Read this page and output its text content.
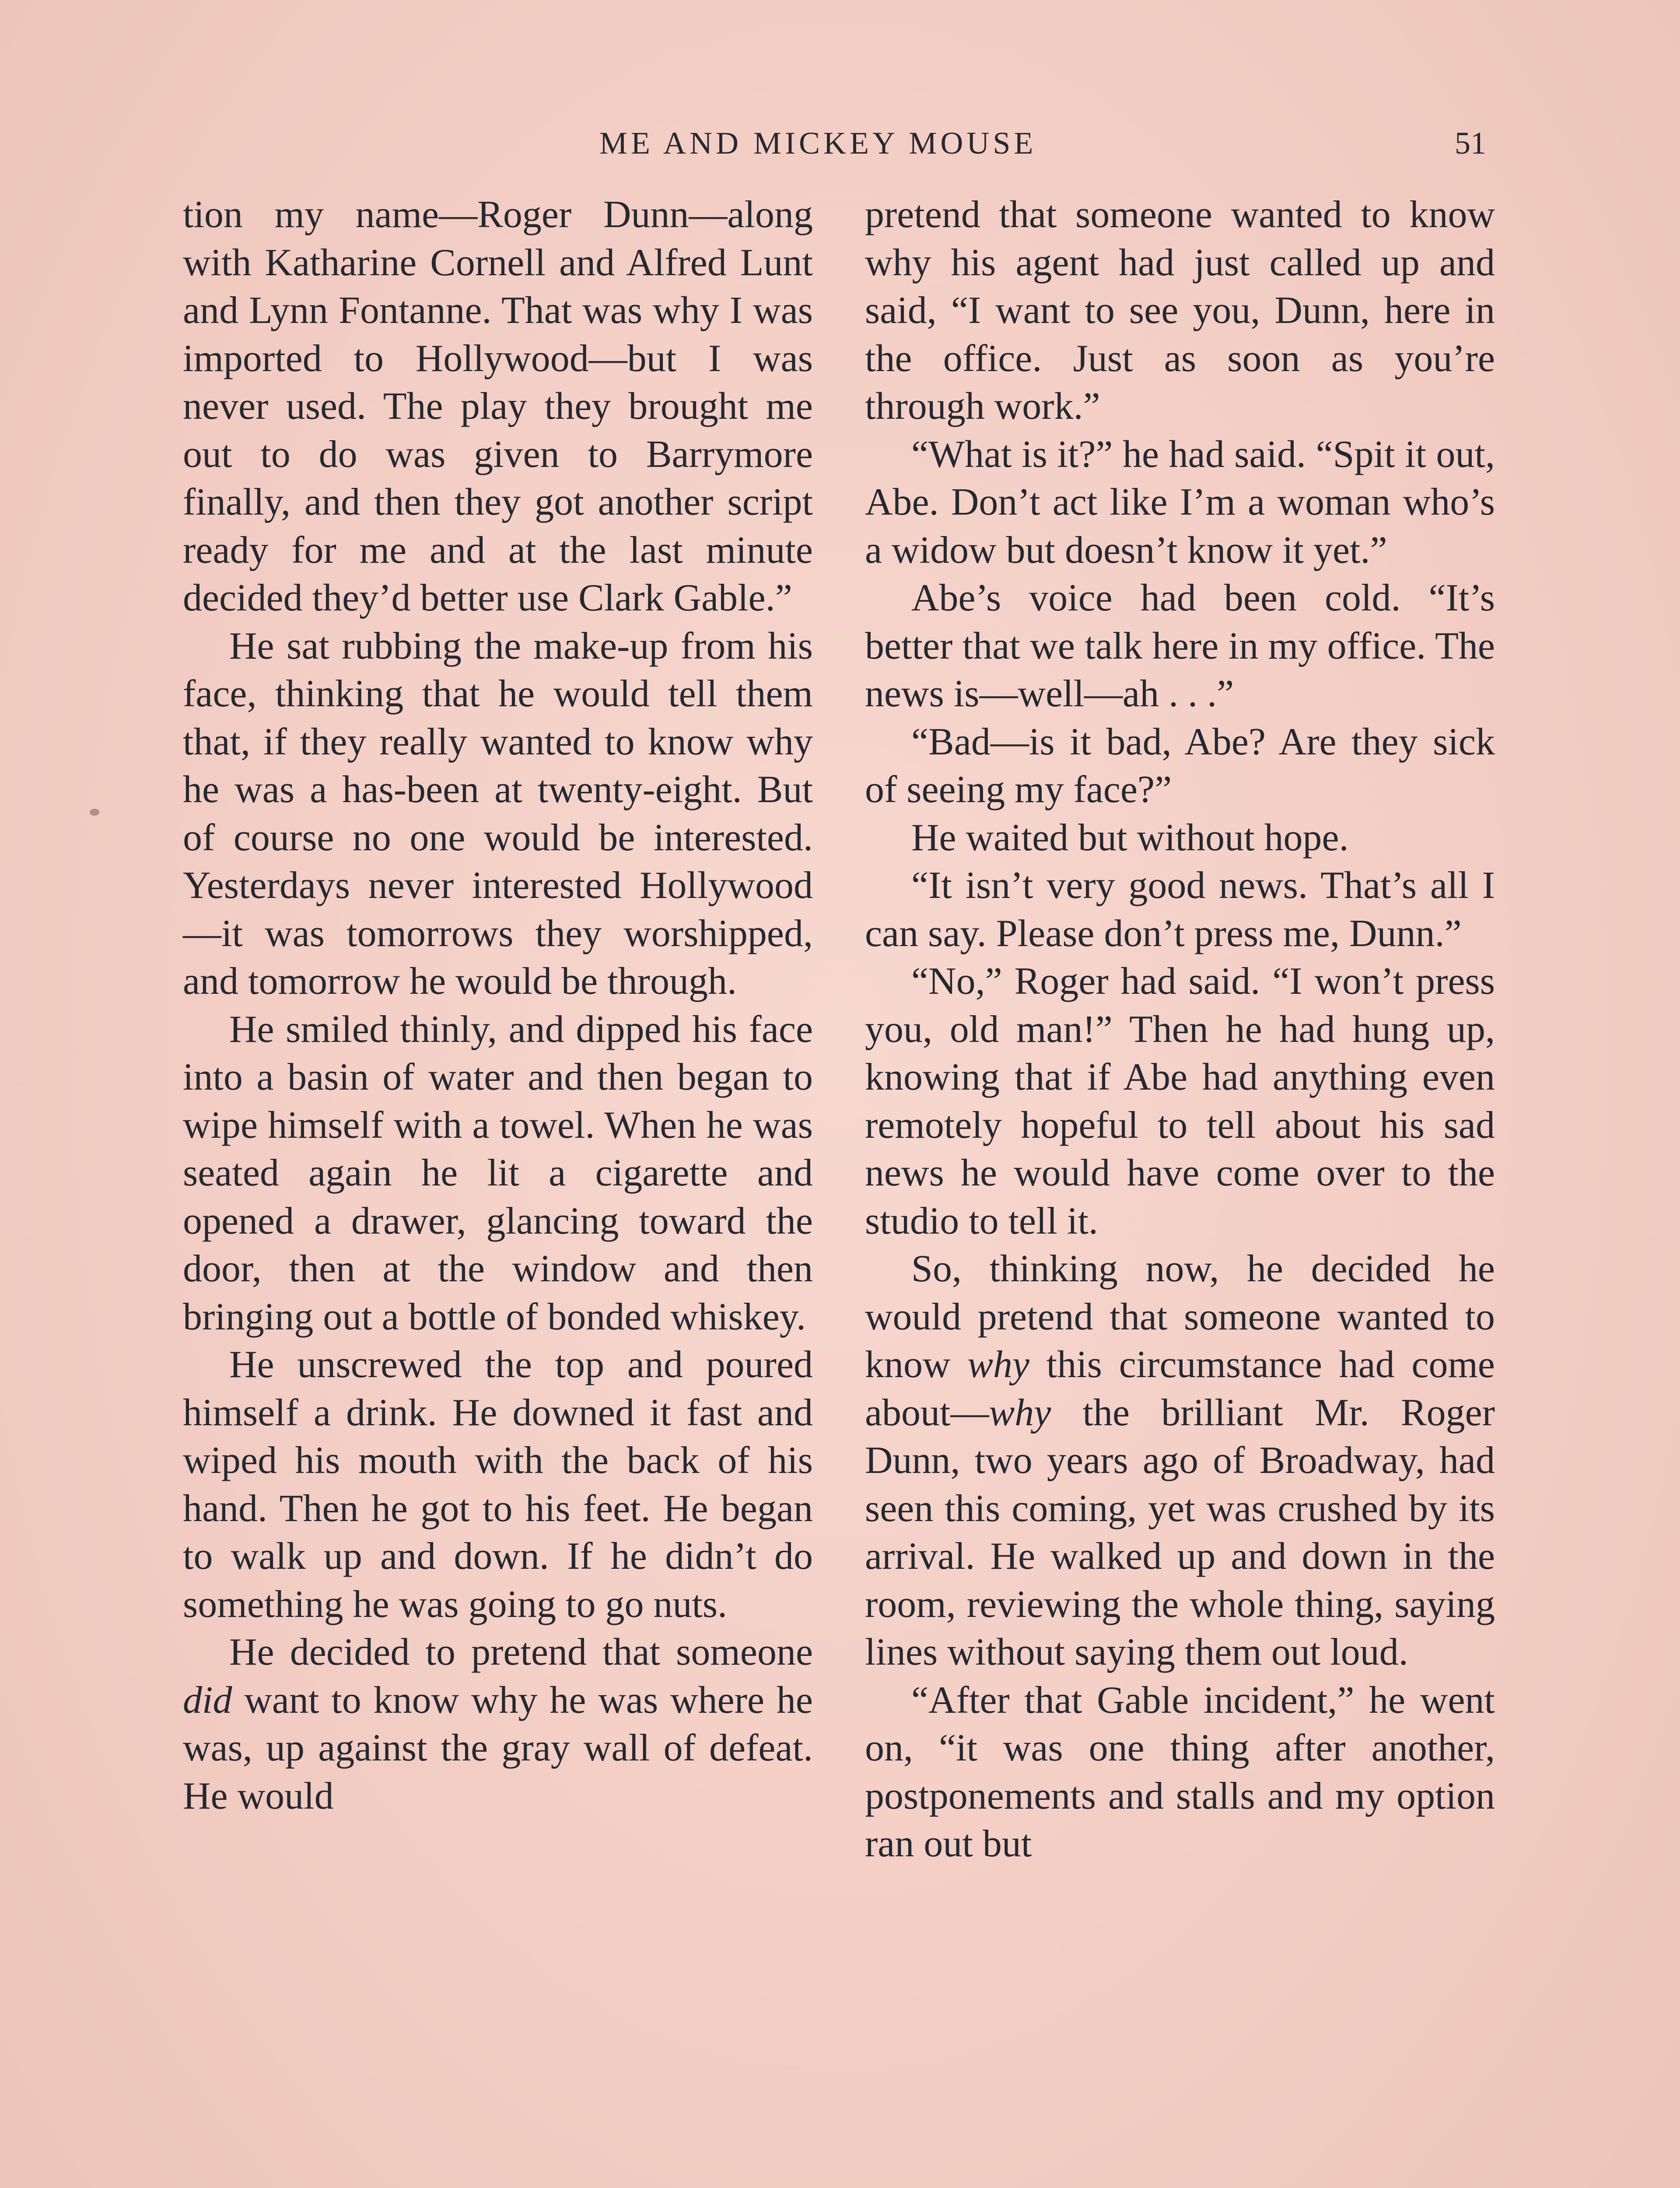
ME AND MICKEY MOUSE	51

tion my name—Roger Dunn—along with Katharine Cornell and Alfred Lunt and Lynn Fontanne. That was why I was imported to Hollywood—but I was never used. The play they brought me out to do was given to Barrymore finally, and then they got another script ready for me and at the last minute decided they’d better use Clark Gable.”

He sat rubbing the make-up from his face, thinking that he would tell them that, if they really wanted to know why he was a has-been at twenty-eight. But of course no one would be interested. Yesterdays never interested Hollywood—it was tomorrows they worshipped, and tomorrow he would be through.

He smiled thinly, and dipped his face into a basin of water and then began to wipe himself with a towel. When he was seated again he lit a cigarette and opened a drawer, glancing toward the door, then at the window and then bringing out a bottle of bonded whiskey.

He unscrewed the top and poured himself a drink. He downed it fast and wiped his mouth with the back of his hand. Then he got to his feet. He began to walk up and down. If he didn’t do something he was going to go nuts.

He decided to pretend that someone did want to know why he was where he was, up against the gray wall of defeat. He would

pretend that someone wanted to know why his agent had just called up and said, “I want to see you, Dunn, here in the office. Just as soon as you’re through work.”

“What is it?” he had said. “Spit it out, Abe. Don’t act like I’m a woman who’s a widow but doesn’t know it yet.”

Abe’s voice had been cold. “It’s better that we talk here in my office. The news is—well—ah . . .”

“Bad—is it bad, Abe? Are they sick of seeing my face?”

He waited but without hope.

“It isn’t very good news. That’s all I can say. Please don’t press me, Dunn.”

“No,” Roger had said. “I won’t press you, old man!” Then he had hung up, knowing that if Abe had anything even remotely hopeful to tell about his sad news he would have come over to the studio to tell it.

So, thinking now, he decided he would pretend that someone wanted to know why this circumstance had come about—why the brilliant Mr. Roger Dunn, two years ago of Broadway, had seen this coming, yet was crushed by its arrival. He walked up and down in the room, reviewing the whole thing, saying lines without saying them out loud.

“After that Gable incident,” he went on, “it was one thing after another, postponements and stalls and my option ran out but
